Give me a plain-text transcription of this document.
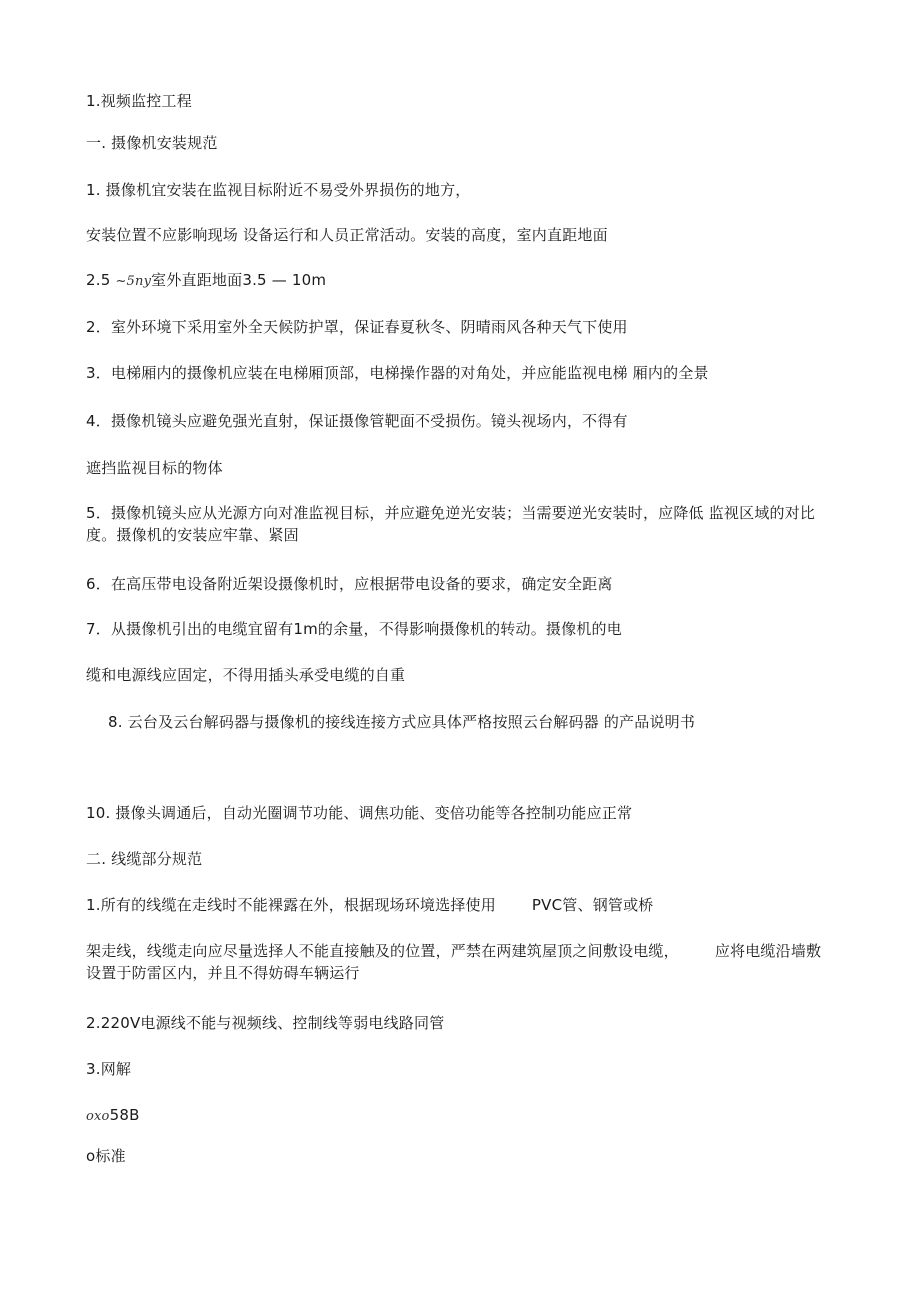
1.视频监控工程
一. 摄像机安装规范
1. 摄像机宜安装在监视目标附近不易受外界损伤的地方，
安装位置不应影响现场 设备运行和人员正常活动。安装的高度，室内直距地面
2.5 ~5ny室外直距地面3.5 — 10m
2．室外环境下采用室外全天候防护罩，保证春夏秋冬、阴晴雨风各种天气下使用
3．电梯厢内的摄像机应装在电梯厢顶部，电梯操作器的对角处，并应能监视电梯 厢内的全景
4．摄像机镜头应避免强光直射，保证摄像管靶面不受损伤。镜头视场内，不得有
遮挡监视目标的物体
5．摄像机镜头应从光源方向对准监视目标，并应避免逆光安装；当需要逆光安装时，应降低 监视区域的对比度。摄像机的安装应牢靠、紧固
6．在高压带电设备附近架设摄像机时，应根据带电设备的要求，确定安全距离
7．从摄像机引出的电缆宜留有1m的余量，不得影响摄像机的转动。摄像机的电
缆和电源线应固定，不得用插头承受电缆的自重
8. 云台及云台解码器与摄像机的接线连接方式应具体严格按照云台解码器 的产品说明书
10. 摄像头调通后，自动光圈调节功能、调焦功能、变倍功能等各控制功能应正常
二. 线缆部分规范
1.所有的线缆在走线时不能裸露在外，根据现场环境选择使用 PVC管、钢管或桥
架走线，线缆走向应尽量选择人不能直接触及的位置，严禁在两建筑屋顶之间敷设电缆， 应将电缆沿墙敷设置于防雷区内，并且不得妨碍车辆运行
2.220V电源线不能与视频线、控制线等弱电线路同管
3.网解
oxo58B
o标准
